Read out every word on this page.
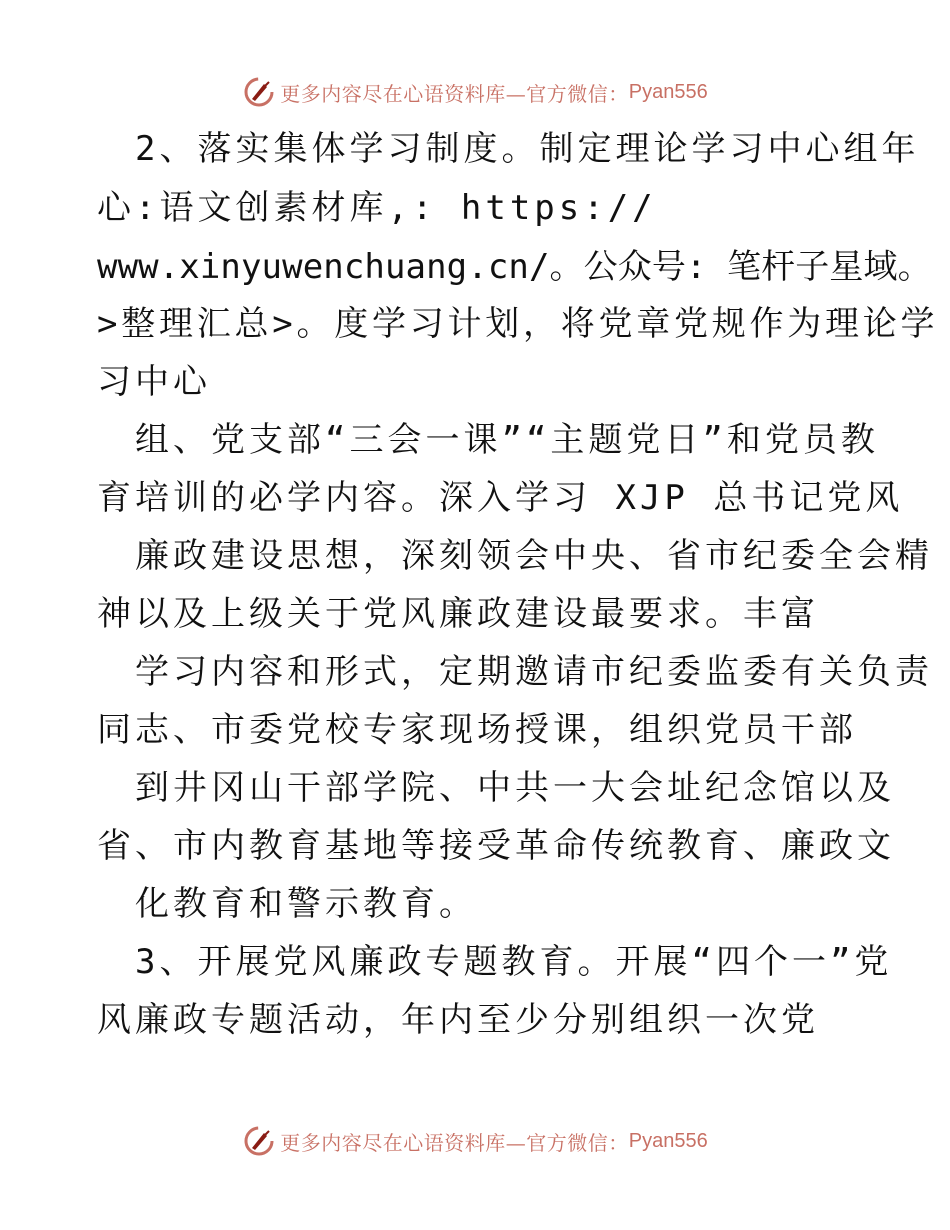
更多内容尽在心语资料库—官方微信： Pyan556
2、落实集体学习制度。制定理论学习中心组年
心:语文创素材库,: https://
www.xinyuwenchuang.cn/。公众号: 笔杆子星域。
>整理汇总>。度学习计划，将党章党规作为理论学
习中心
组、党支部“三会一课”“主题党日”和党员教
育培训的必学内容。深入学习 XJP 总书记党风
廉政建设思想，深刻领会中央、省市纪委全会精
神以及上级关于党风廉政建设最要求。丰富
学习内容和形式，定期邀请市纪委监委有关负责
同志、市委党校专家现场授课，组织党员干部
到井冈山干部学院、中共一大会址纪念馆以及
省、市内教育基地等接受革命传统教育、廉政文
化教育和警示教育。
3、开展党风廉政专题教育。开展“四个一”党
风廉政专题活动，年内至少分别组织一次党
更多内容尽在心语资料库—官方微信： Pyan556
